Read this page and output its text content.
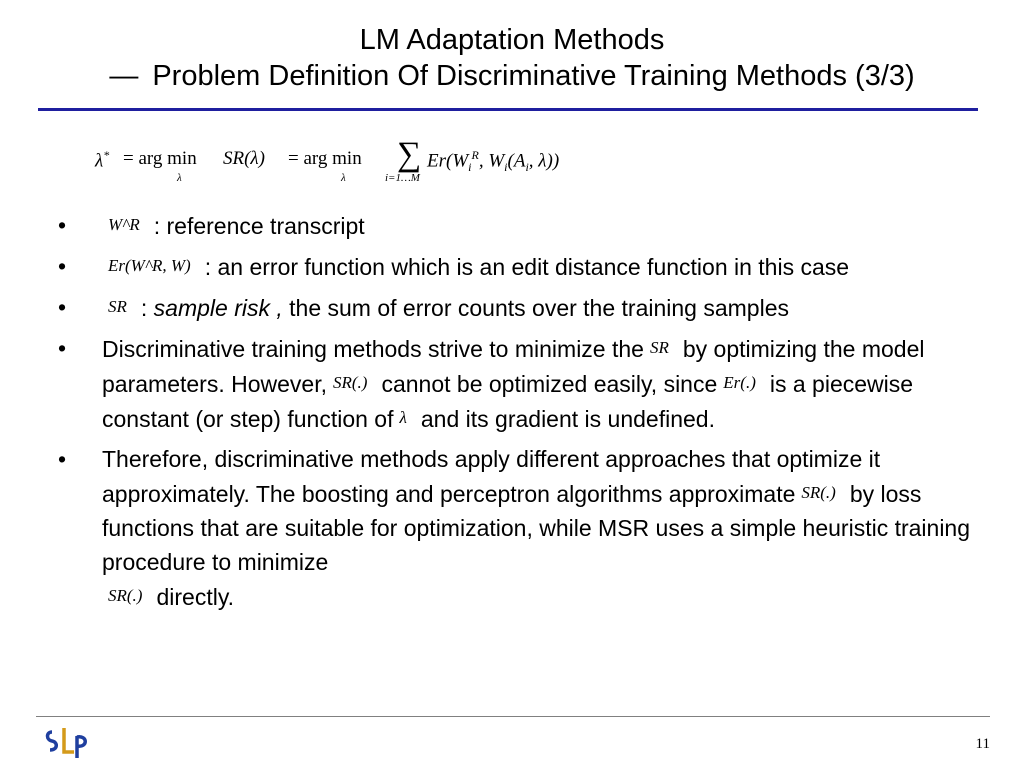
LM Adaptation Methods
― Problem Definition Of Discriminative Training Methods (3/3)
λ* = arg min
λ
SR(λ) = arg min
λ
∑
i=1…M
$Er(W_i^R$, $W_i(A_i$, λ))
• W^R : reference transcript
• Er(W^R, W) : an error function which is an edit distance function in this case
• SR : sample risk , the sum of error counts over the training samples
• Discriminative training methods strive to minimize the SR by optimizing the model parameters. However, SR(.) cannot be optimized easily, since Er(.) is a piecewise constant (or step) function of λ and its gradient is undefined.
• Therefore, discriminative methods apply different approaches that optimize it approximately. The boosting and perceptron algorithms approximate SR(.) by loss functions that are suitable for optimization, while MSR uses a simple heuristic training procedure to minimize
SR(.) directly.
11
